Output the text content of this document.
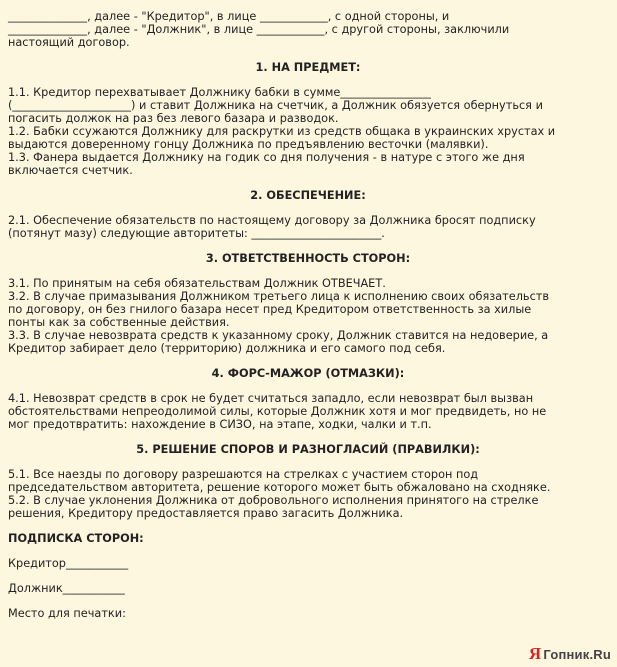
______________, далее - "Кредитор", в лице ____________, с одной стороны, и

______________, далее - "Должник", в лице ____________, с другой стороны, заключили

настоящий договор.

1. НА ПРЕДМЕТ:

1.1. Кредитор перехватывает Должнику бабки в сумме________________

(_____________________) и ставит Должника на счетчик, а Должник обязуется обернуться и

погасить должок на раз без левого базара и разводок.

1.2. Бабки ссужаются Должнику для раскрутки из средств общака в украинских хрустах и

выдаются доверенному гонцу Должника по предъявлению весточки (малявки).

1.3. Фанера выдается Должнику на годик со дня получения - в натуре с этого же дня

включается счетчик.

2. ОБЕСПЕЧЕНИЕ:

2.1. Обеспечение обязательств по настоящему договору за Должника бросят подписку

(потянут мазу) следующие авторитеты: _______________________.

3. ОТВЕТСТВЕННОСТЬ СТОРОН:

3.1. По принятым на себя обязательствам Должник ОТВЕЧАЕТ.

3.2. В случае примазывания Должником третьего лица к исполнению своих обязательств

по договору, он без гнилого базара несет пред Кредитором ответственность за хилые

понты как за собственные действия.

3.3. В случае невозврата средств к указанному сроку, Должник ставится на недоверие, а

Кредитор забирает дело (территорию) должника и его самого под себя.

4. ФОРС-МАЖОР (ОТМАЗКИ):

4.1. Невозврат средств в срок не будет считаться западло, если невозврат был вызван

обстоятельствами непреодолимой силы, которые Должник хотя и мог предвидеть, но не

мог предотвратить: нахождение в СИЗО, на этапе, ходки, чалки и т.п.

5. РЕШЕНИЕ СПОРОВ И РАЗНОГЛАСИЙ (ПРАВИЛКИ):

5.1. Все наезды по договору разрешаются на стрелках с участием сторон под

председательством авторитета, решение которого может быть обжаловано на сходняке.

5.2. В случае уклонения Должника от добровольного исполнения принятого на стрелке

решения, Кредитору предоставляется право загасить Должника.

ПОДПИСКА СТОРОН:

Кредитор___________

Должник___________

Место для печатки:

Я Гопник.Ru
